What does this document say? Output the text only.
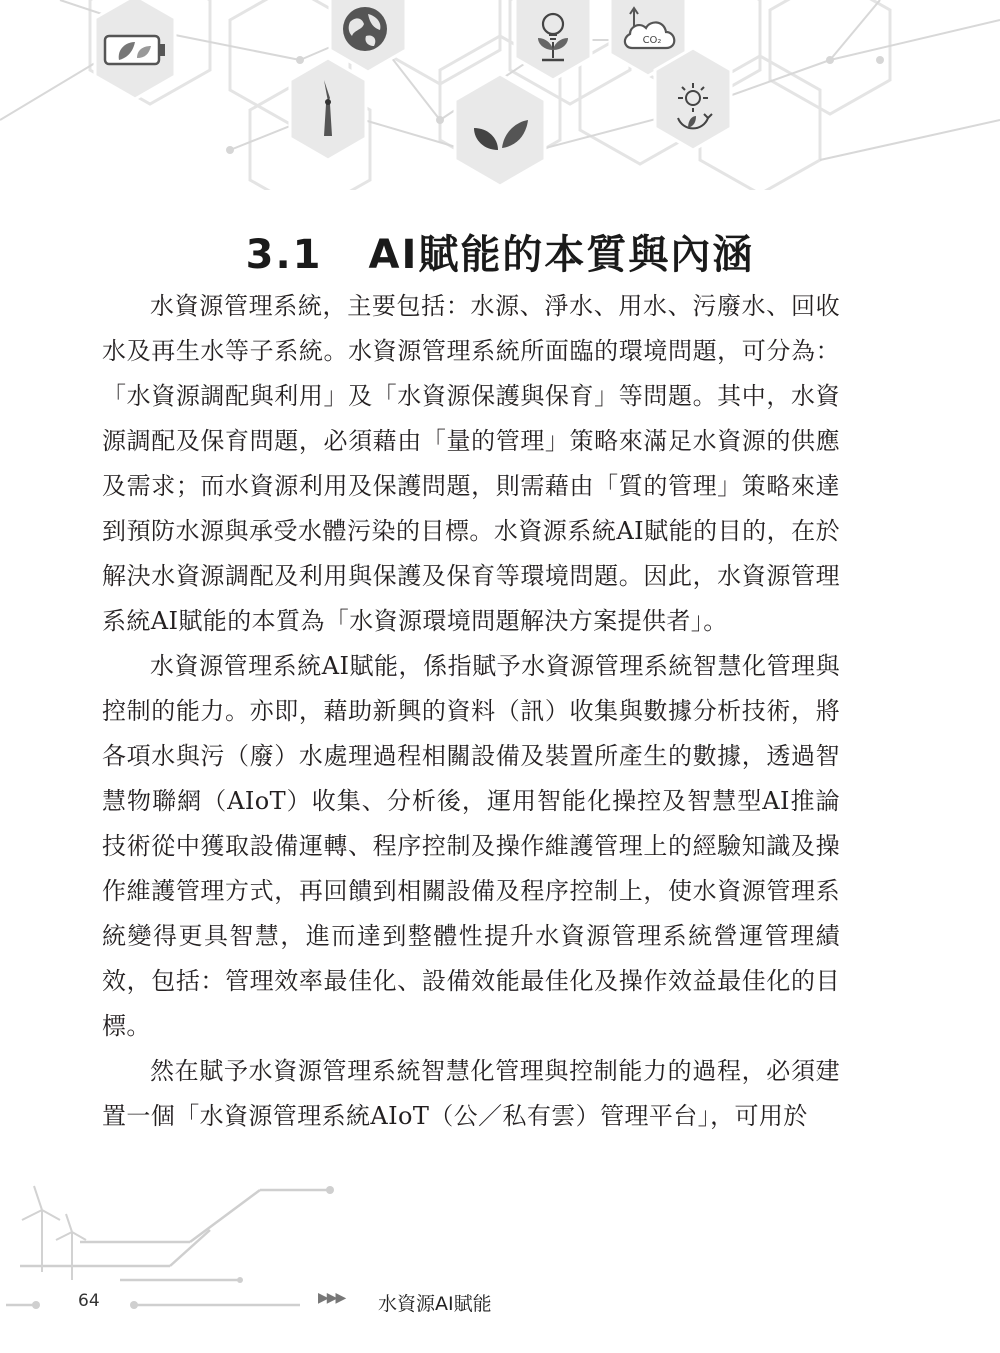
CO₂
3.1 AI賦能的本質與內涵

水資源管理系統，主要包括：水源、淨水、用水、污廢水、回收水及再生水等子系統。水資源管理系統所面臨的環境問題，可分為：「水資源調配與利用」及「水資源保護與保育」等問題。其中，水資源調配及保育問題，必須藉由「量的管理」策略來滿足水資源的供應及需求；而水資源利用及保護問題，則需藉由「質的管理」策略來達到預防水源與承受水體污染的目標。水資源系統AI賦能的目的，在於解決水資源調配及利用與保護及保育等環境問題。因此，水資源管理系統AI賦能的本質為「水資源環境問題解決方案提供者」。

水資源管理系統AI賦能，係指賦予水資源管理系統智慧化管理與控制的能力。亦即，藉助新興的資料（訊）收集與數據分析技術，將各項水與污（廢）水處理過程相關設備及裝置所產生的數據，透過智慧物聯網（AIoT）收集、分析後，運用智能化操控及智慧型AI推論技術從中獲取設備運轉、程序控制及操作維護管理上的經驗知識及操作維護管理方式，再回饋到相關設備及程序控制上，使水資源管理系統變得更具智慧，進而達到整體性提升水資源管理系統營運管理績效，包括：管理效率最佳化、設備效能最佳化及操作效益最佳化的目標。

然在賦予水資源管理系統智慧化管理與控制能力的過程，必須建置一個「水資源管理系統AIoT（公／私有雲）管理平台」，可用於

64	▶▶▶ 水資源AI賦能
